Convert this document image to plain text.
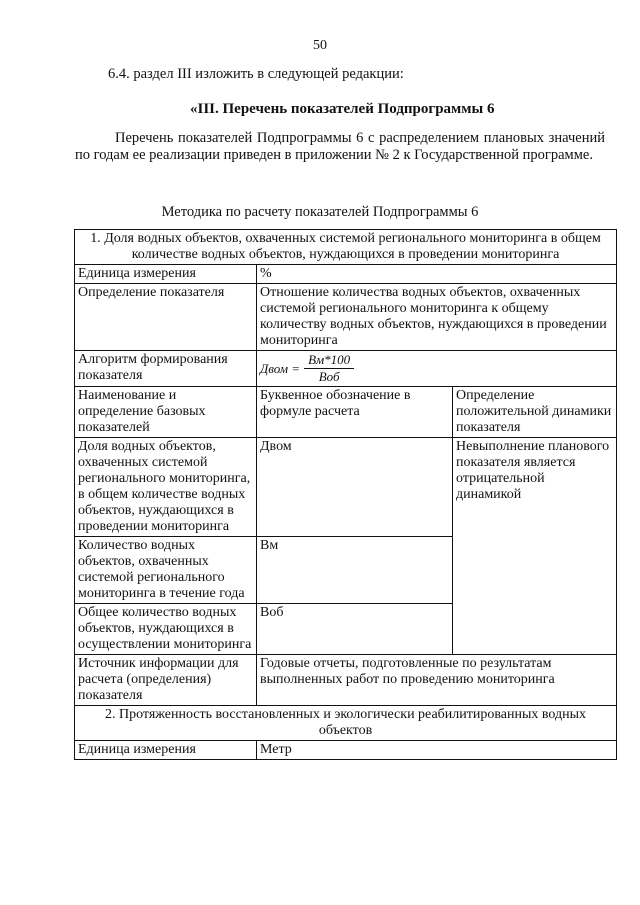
50
6.4. раздел III изложить в следующей редакции:
«III. Перечень показателей Подпрограммы 6
Перечень показателей Подпрограммы 6 с распределением плановых значений по годам ее реализации приведен в приложении № 2 к Государственной программе.
Методика по расчету показателей Подпрограммы 6
1. Доля водных объектов, охваченных системой регионального мониторинга в общем количестве водных объектов, нуждающихся в проведении мониторинга		
Единица измерения	%	
Определение показателя	Отношение количества водных объектов, охваченных системой регионального мониторинга к общему количеству водных объектов, нуждающихся в проведении мониторинга	
Алгоритм формирования показателя	Двом = $\frac{Вм*100}{\text{Воб}}$

Наименование и определение базовых показателей	Буквенное обозначение в формуле расчета	Определение положительной динамики показателя
Доля водных объектов, охваченных системой регионального мониторинга, в общем количестве водных объектов, нуждающихся в проведении мониторинга	Двом	Невыполнение планового показателя является отрицательной динамикой
Количество водных объектов, охваченных системой регионального мониторинга в течение года	Вм	
Общее количество водных объектов, нуждающихся в осуществлении мониторинга	Воб	
Источник информации для расчета (определения) показателя	Годовые отчеты, подготовленные по результатам выполненных работ по проведению мониторинга	
2. Протяженность восстановленных и экологически реабилитированных водных объектов		
Единица измерения	Метр	
